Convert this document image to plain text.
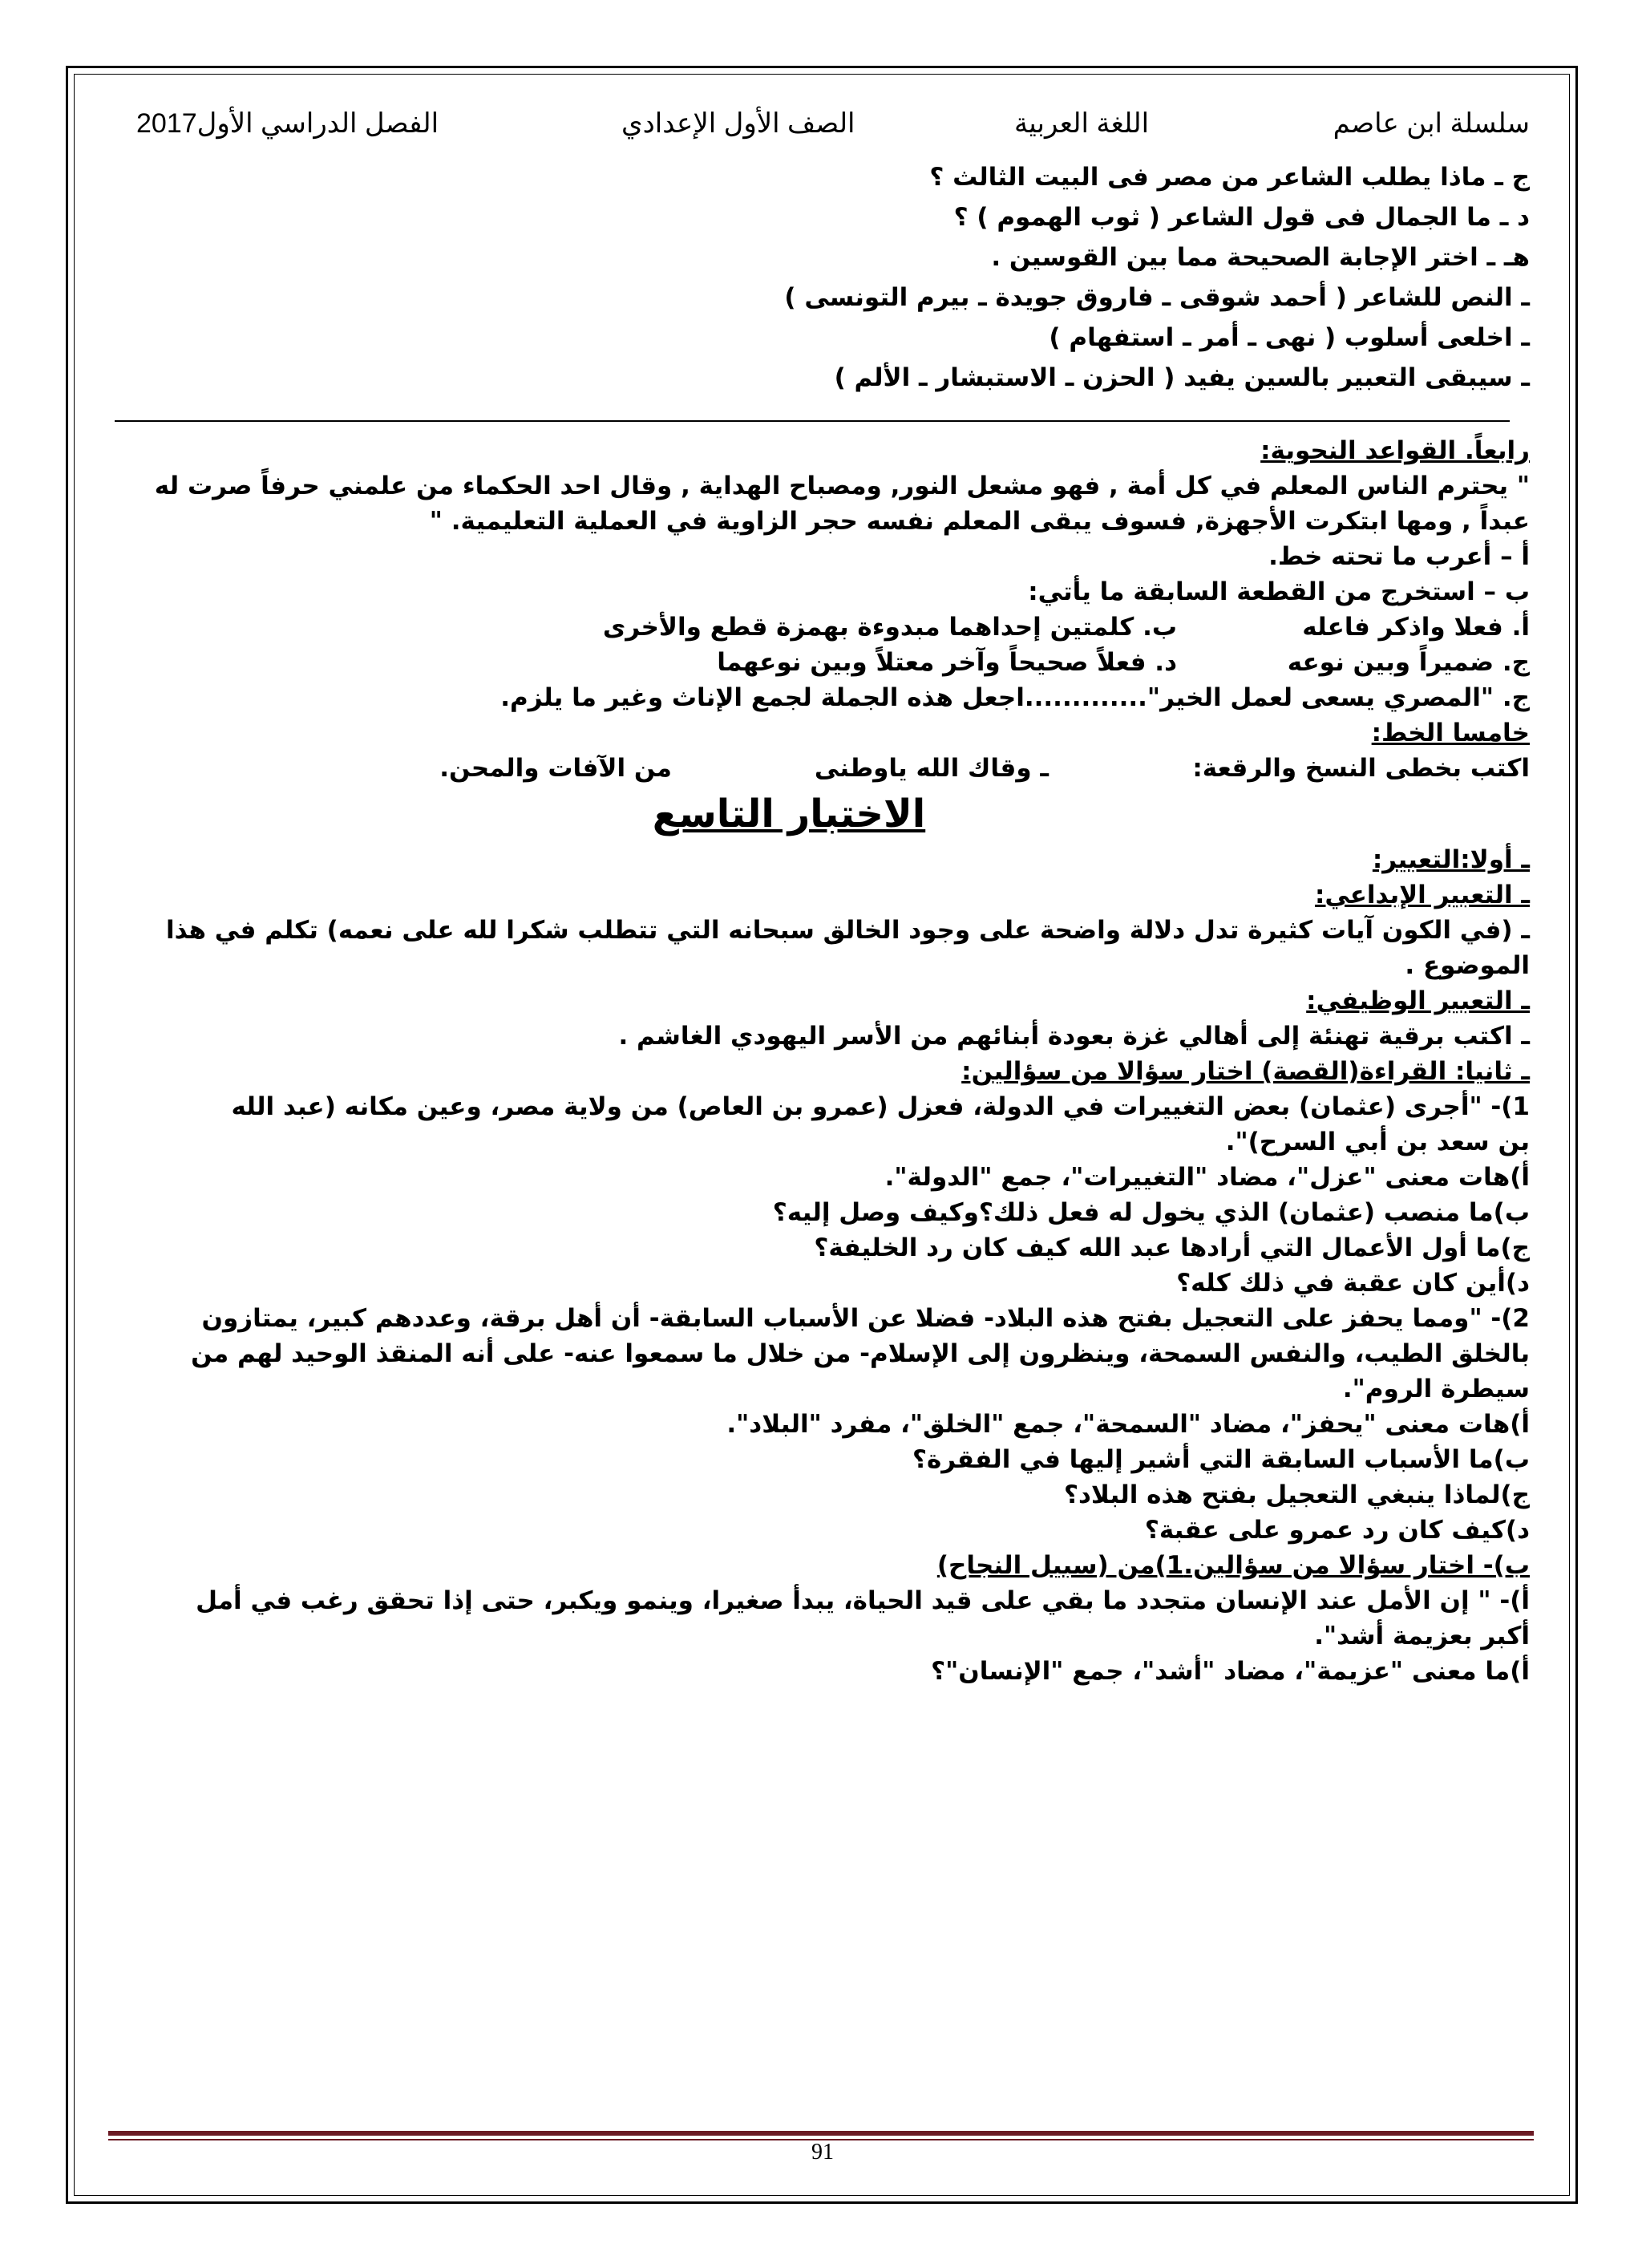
سلسلة ابن عاصم
اللغة العربية
الصف الأول الإعدادي
الفصل الدراسي الأول2017
ج ـ ماذا يطلب الشاعر من مصر فى البيت الثالث ؟
د ـ ما الجمال فى قول الشاعر ( ثوب الهموم ) ؟
هـ ـ اختر الإجابة الصحيحة مما بين القوسين .
ـ النص للشاعر ( أحمد شوقى ـ فاروق جويدة ـ بيرم التونسى )
ـ اخلعى أسلوب ( نهى ـ أمر ـ استفهام )
ـ سيبقى التعبير بالسين يفيد ( الحزن ـ الاستبشار ـ الألم )
رابعاً. القواعد النحوية:
" يحترم الناس المعلم في كل أمة , فهو مشعل النور, ومصباح الهداية , وقال احد الحكماء من علمني حرفاً صرت له
عبداً , ومها ابتكرت الأجهزة, فسوف يبقى المعلم نفسه حجر الزاوية في العملية التعليمية. "
أ – أعرب ما تحته خط.
ب – استخرج من القطعة السابقة ما يأتي:
أ. فعلا واذكر فاعله
ب. كلمتين إحداهما مبدوءة بهمزة قطع والأخرى
ج. ضميراً وبين نوعه
د. فعلاً صحيحاً وآخر معتلاً وبين نوعهما
ج. "المصري يسعى لعمل الخير".............اجعل هذه الجملة لجمع الإناث وغير ما يلزم.
خامسا الخط:
اكتب بخطى النسخ والرقعة:
ـ وقاك الله ياوطنى
من الآفات والمحن.
الاختبار التاسع
ـ أولا:التعبير:
ـ التعبير الإبداعي:
ـ (في الكون آيات كثيرة تدل دلالة واضحة على وجود الخالق سبحانه التي تتطلب شكرا لله على نعمه) تكلم في هذا
الموضوع .
ـ التعبير الوظيفي:
ـ اكتب برقية تهنئة إلى أهالي غزة بعودة أبنائهم من الأسر اليهودي الغاشم .
ـ ثانيا: القراءة(القصة) اختار سؤالا من سؤالين:
1)- "أجرى (عثمان) بعض التغييرات في الدولة، فعزل (عمرو بن العاص) من ولاية مصر، وعين مكانه (عبد الله
بن سعد بن أبي السرح)".
أ)هات معنى "عزل"، مضاد "التغييرات"، جمع "الدولة".
ب)ما منصب (عثمان) الذي يخول له فعل ذلك؟وكيف وصل إليه؟
ج)ما أول الأعمال التي أرادها عبد الله كيف كان رد الخليفة؟
د)أين كان عقبة في ذلك كله؟
2)- "ومما يحفز على التعجيل بفتح هذه البلاد- فضلا عن الأسباب السابقة- أن أهل برقة، وعددهم كبير، يمتازون
بالخلق الطيب، والنفس السمحة، وينظرون إلى الإسلام- من خلال ما سمعوا عنه- على أنه المنقذ الوحيد لهم من
سيطرة الروم".
أ)هات معنى "يحفز"، مضاد "السمحة"، جمع "الخلق"، مفرد "البلاد".
ب)ما الأسباب السابقة التي أشير إليها في الفقرة؟
ج)لماذا ينبغي التعجيل بفتح هذه البلاد؟
د)كيف كان رد عمرو على عقبة؟
ب)- اختار سؤالا من سؤالين.1)من (سبيل النجاح)
أ)- " إن الأمل عند الإنسان متجدد ما بقي على قيد الحياة، يبدأ صغيرا، وينمو ويكبر، حتى إذا تحقق رغب في أمل
أكبر بعزيمة أشد".
أ)ما معنى "عزيمة"، مضاد "أشد"، جمع "الإنسان"؟
91
